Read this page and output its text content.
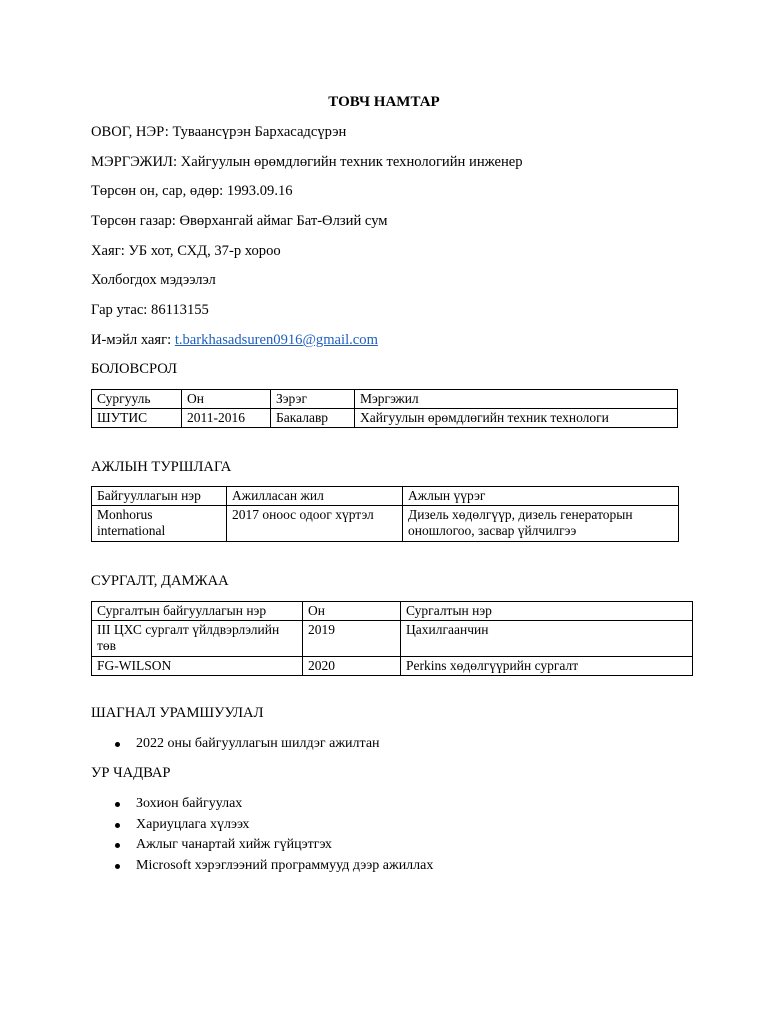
ТОВЧ НАМТАР
ОВОГ, НЭР: Туваансүрэн Бархасадсүрэн
МЭРГЭЖИЛ: Хайгуулын өрөмдлөгийн техник технологийн инженер
Төрсөн он, сар, өдөр: 1993.09.16
Төрсөн газар: Өвөрхангай аймаг Бат-Өлзий сум
Хаяг: УБ хот, СХД, 37-р хороо
Холбогдох мэдээлэл
Гар утас: 86113155
И-мэйл хаяг: t.barkhasadsuren0916@gmail.com
БОЛОВСРОЛ
Сургууль	Он	Зэрэг	Мэргэжил
ШУТИС	2011-2016	Бакалавр	Хайгуулын өрөмдлөгийн техник технологи
АЖЛЫН ТУРШЛАГА
Байгууллагын нэр	Ажилласан жил	Ажлын үүрэг
Monhorus international	2017 оноос одоог хүртэл	Дизель хөдөлгүүр, дизель генераторын оношлогоо, засвар үйлчилгээ
СУРГАЛТ, ДАМЖАА
Сургалтын байгууллагын нэр	Он	Сургалтын нэр
III ЦХС сургалт үйлдвэрлэлийн төв	2019	Цахилгаанчин
FG-WILSON	2020	Perkins хөдөлгүүрийн сургалт
ШАГНАЛ УРАМШУУЛАЛ
2022 оны байгууллагын шилдэг ажилтан
УР ЧАДВАР
Зохион байгуулах
Хариуцлага хүлээх
Ажлыг чанартай хийж гүйцэтгэх
Microsoft хэрэглээний программууд дээр ажиллах
